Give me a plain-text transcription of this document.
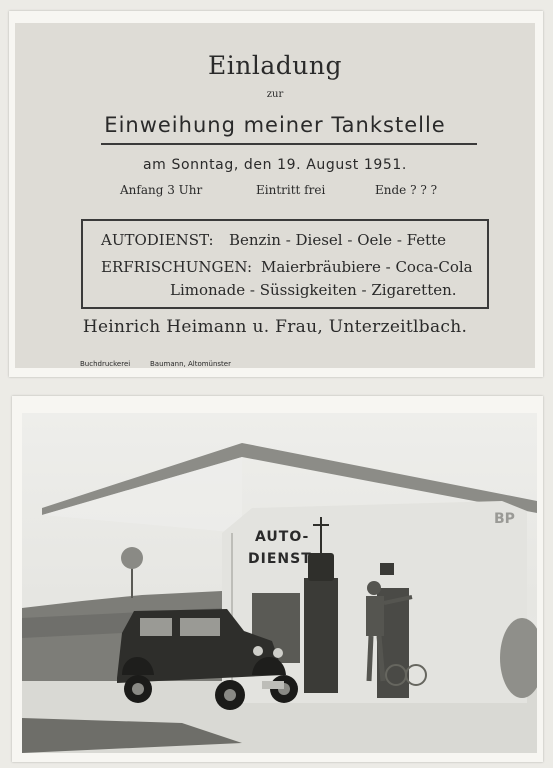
Einladung
zur
Einweihung meiner Tankstelle
am Sonntag, den 19. August 1951.
Anfang 3 Uhr	Eintritt frei	Ende ? ? ?
AUTODIENST: Benzin - Diesel - Oele - Fette
ERFRISCHUNGEN: Maierbräubiere - Coca-Cola
Limonade - Süssigkeiten - Zigaretten.
Heinrich Heimann u. Frau, Unterzeitlbach.
Buchdruckerei	Baumann, Altomünster
AUTO-
DIENST
BP
